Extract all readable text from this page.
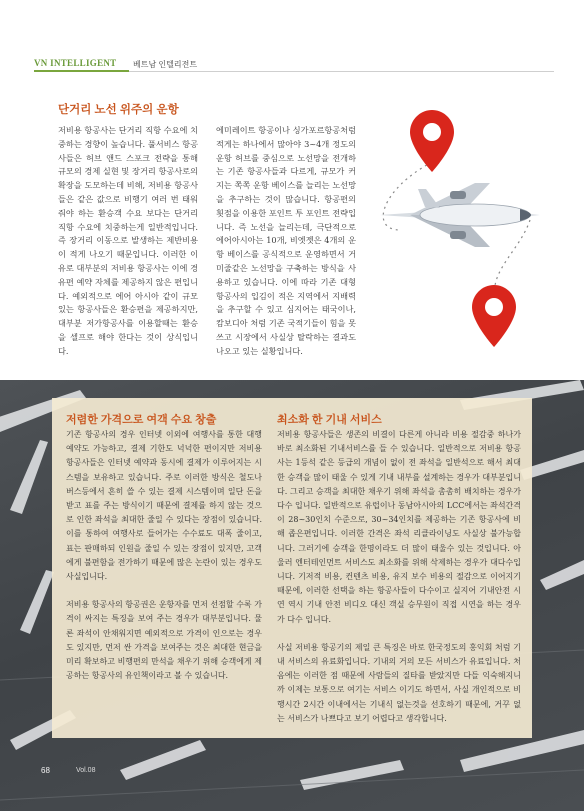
VN INTELLIGENT 베트남 인텔리전트
단거리 노선 위주의 운항

저비용 항공사는 단거리 직항 수요에 치중하는 경향이 높습니다. 풀서비스 항공사들은 허브 앤드 스포크 전략을 통해 규모의 경제 실현 및 장거리 항공사로의 확장을 도모하는데 비해, 저비용 항공사들은 같은 값으로 비행기 여러 번 태워줘야 하는 환승객 수요 보다는 단거리 직항 수요에 치중하는게 일반적입니다. 즉 장거리 이동으로 발생하는 제반비용이 적게 나오기 때문입니다. 이러한 이유로 대부분의 저비용 항공사는 이에 경유편 예약 자체를 제공하지 않은 편입니다. 예외적으로 에어 아시아 같이 규모 있는 항공사들은 환승편을 제공하지만, 대부분 저가항공사를 이용할때는 환승을 셀프로 해야 한다는 것이 상식입니다.

에미레이트 항공이나 싱가포르항공처럼 적게는 하나에서 많아야 3~4개 정도의 운항 허브를 중심으로 노선망을 전개하는 기존 항공사들과 다르게, 규모가 커지는 쪽쪽 운항 베이스를 늘리는 노선망을 추구하는 것이 많습니다. 항공편의 횟점을 이용한 포인트 투 포인트 전략입니다. 즉 노선을 늘리는데, 극단적으로 에어아시아는 10개, 비엣젯은 4개의 운항 베이스를 공식적으로 운영하면서 거미줄같은 노선망을 구축하는 방식을 사용하고 있습니다. 이에 따라 기존 대형 항공사의 입김이 적은 지역에서 지배력을 추구할 수 있고 심지어는 태국이나, 캄보디아 처럼 기존 국적기들이 힘을 못쓰고 시장에서 사실상 탈락하는 결과도 나오고 있는 실황입니다.

저렴한 가격으로 여객 수요 창출

기존 항공사의 경우 인터넷 이외에 여행사를 통한 대행 예약도 가능하고, 결제 기한도 넉넉한 편이지만 저비용 항공사들은 인터넷 예약과 동시에 결제가 이루어지는 시스템을 보유하고 있습니다. 주로 이러한 방식은 철도나 버스등에서 흔히 쓸 수 있는 결제 시스템이며 일단 돈을 받고 표를 주는 방식이기 때문에 결제를 하지 않는 것으로 인한 좌석을 최대한 줄일 수 있다는 장점이 있습니다. 이를 통하여 여행사로 들어가는 수수료도 대폭 줄이고, 표는 판매하되 인원을 줄일 수 있는 장점이 있지만, 고객에게 불편함을 전가하기 때문에 많은 논란이 있는 경우도 사실입니다.

저비용 항공사의 항공권은 운항자를 먼저 선점할 수록 가격이 싸지는 특징을 보여 주는 경우가 대부분입니다. 물론 좌석이 안채워지면 예외적으로 가격이 인으로는 경우도 있지만, 먼저 싼 가격을 보여주는 것은 최대한 현금을 미리 확보하고 비행편의 만석을 채우기 위해 승객에게 제공하는 항공사의 유인책이라고 볼 수 있습니다.

최소화 한 기내 서비스

저비용 항공사들은 생존의 비결이 다른게 아니라 비용 절감중 하나가 바로 최소화된 기내서비스를 들 수 있습니다. 일반적으로 저비용 항공사는 1등석 같은 등급의 개념이 없이 전 좌석을 일반석으로 해서 최대한 승객을 많이 태울 수 있게 기내 내부를 설계하는 경우가 대부분입니다. 그리고 승객을 최대한 채우기 위해 좌석을 촘촘히 배치하는 경우가 다수 입니다. 일반적으로 유럽이나 동남아시아의 LCC에서는 좌석간격이 28~30인치 수준으로, 30~34인치를 제공하는 기존 항공사에 비해 좁은편입니다. 이러한 간격은 좌석 리클라이닝도 사실상 불가능합니다. 그러기에 승객을 한명이라도 더 많이 태울수 있는 것입니다. 아울러 엔터테인먼트 서비스도 최소화를 위해 삭제하는 경우가 대다수입니다. 기저적 비용, 컨텐츠 비용, 유지 보수 비용의 절감으로 이어지기 때문에, 이러한 선택을 하는 항공사들이 다수이고 실지어 기내안전 시연 역시 기내 안전 비디오 대신 객실 승무원이 직접 시연을 하는 경우가 다수 입니다.

사실 저비용 항공기의 제일 큰 특징은 바로 한국정도의 홍익회 처럼 기내 서비스의 유료화입니다. 기내의 거의 모든 서비스가 유료입니다. 처음에는 이러한 점 때문에 사람들의 질타를 받았지만 다들 익숙해지니까 이제는 보통으로 여기는 서비스 이기도 하면서, 사실 개인적으로 비행시간 2시간 이내에서는 기내식 없는것을 선호하기 때문에, 거꾸 없는 서비스가 나쁘다고 보기 어렵다고 생각합니다.

68	Vol.08
